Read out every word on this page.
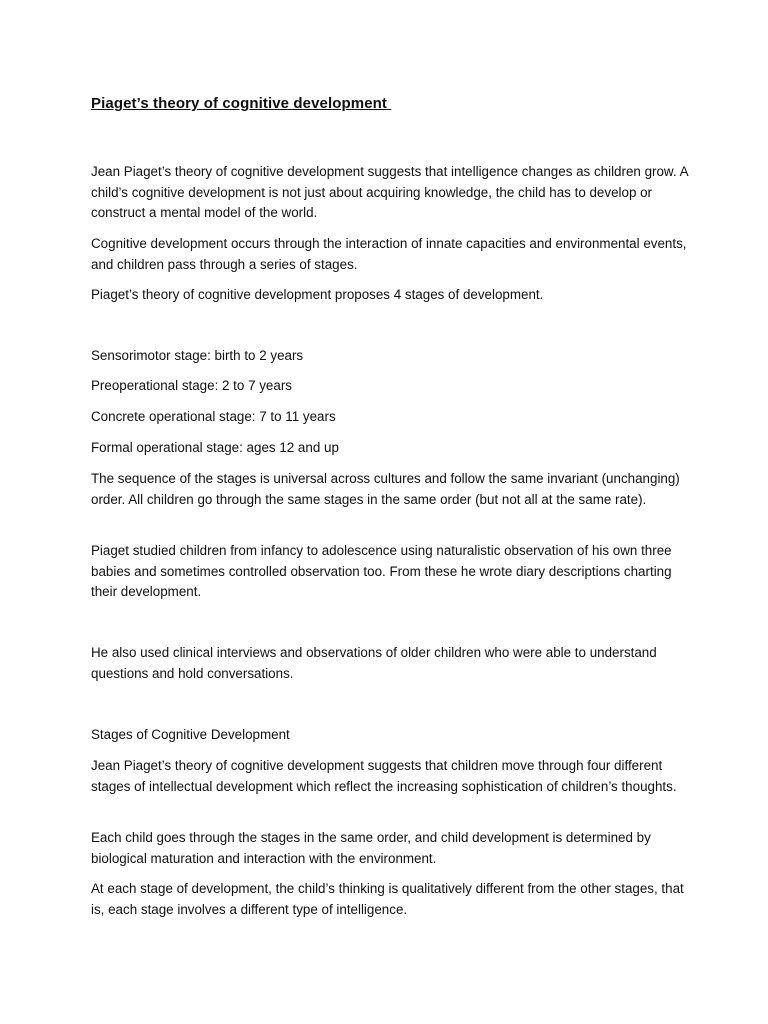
Piaget’s theory of cognitive development

Jean Piaget’s theory of cognitive development suggests that intelligence changes as children grow. A child’s cognitive development is not just about acquiring knowledge, the child has to develop or construct a mental model of the world.

Cognitive development occurs through the interaction of innate capacities and environmental events, and children pass through a series of stages.

Piaget’s theory of cognitive development proposes 4 stages of development.

Sensorimotor stage: birth to 2 years

Preoperational stage: 2 to 7 years

Concrete operational stage: 7 to 11 years

Formal operational stage: ages 12 and up

The sequence of the stages is universal across cultures and follow the same invariant (unchanging) order. All children go through the same stages in the same order (but not all at the same rate).

Piaget studied children from infancy to adolescence using naturalistic observation of his own three babies and sometimes controlled observation too. From these he wrote diary descriptions charting their development.

He also used clinical interviews and observations of older children who were able to understand questions and hold conversations.

Stages of Cognitive Development

Jean Piaget’s theory of cognitive development suggests that children move through four different stages of intellectual development which reflect the increasing sophistication of children’s thoughts.

Each child goes through the stages in the same order, and child development is determined by biological maturation and interaction with the environment.

At each stage of development, the child’s thinking is qualitatively different from the other stages, that is, each stage involves a different type of intelligence.
